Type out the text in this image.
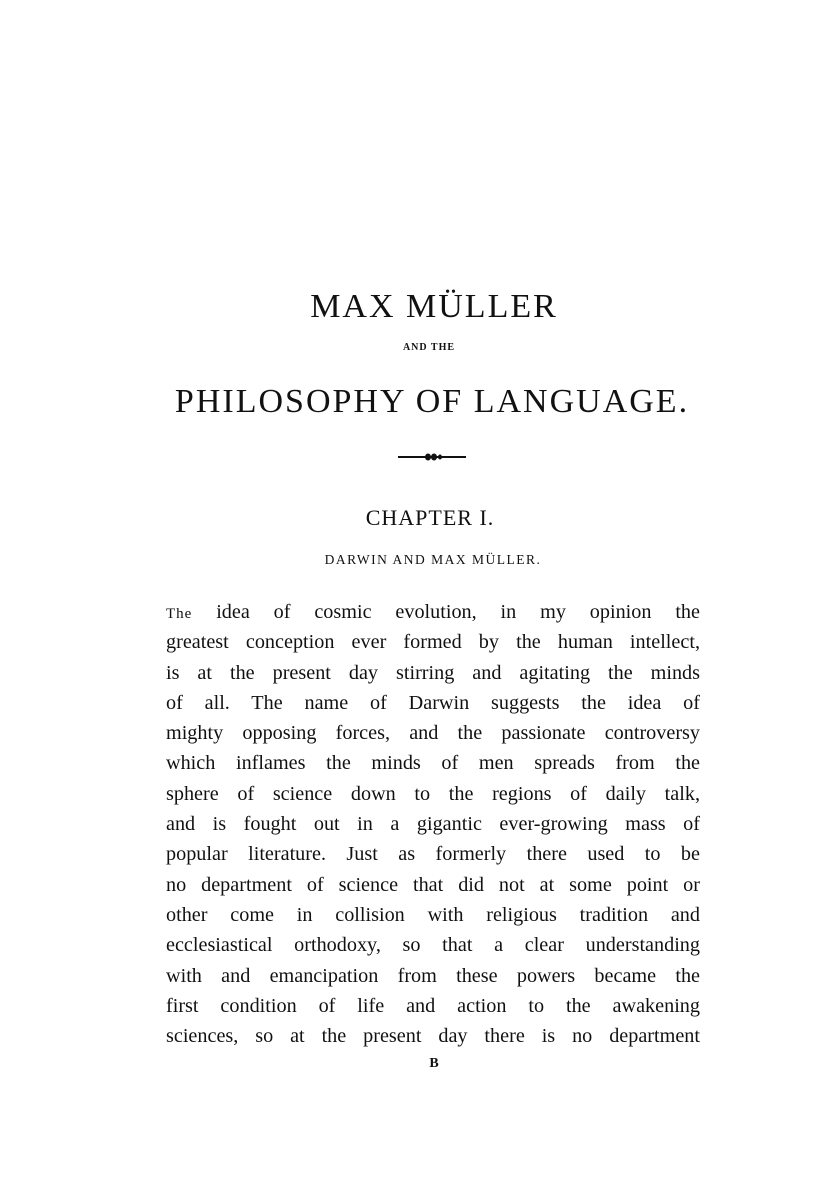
MAX MÜLLER
AND THE
PHILOSOPHY OF LANGUAGE.
CHAPTER I.
DARWIN AND MAX MÜLLER.
The idea of cosmic evolution, in my opinion the
greatest conception ever formed by the human intellect,
is at the present day stirring and agitating the minds
of all. The name of Darwin suggests the idea of
mighty opposing forces, and the passionate controversy
which inflames the minds of men spreads from the
sphere of science down to the regions of daily talk,
and is fought out in a gigantic ever-growing mass of
popular literature. Just as formerly there used to be
no department of science that did not at some point or
other come in collision with religious tradition and
ecclesiastical orthodoxy, so that a clear understanding
with and emancipation from these powers became the
first condition of life and action to the awakening
sciences, so at the present day there is no department
B
